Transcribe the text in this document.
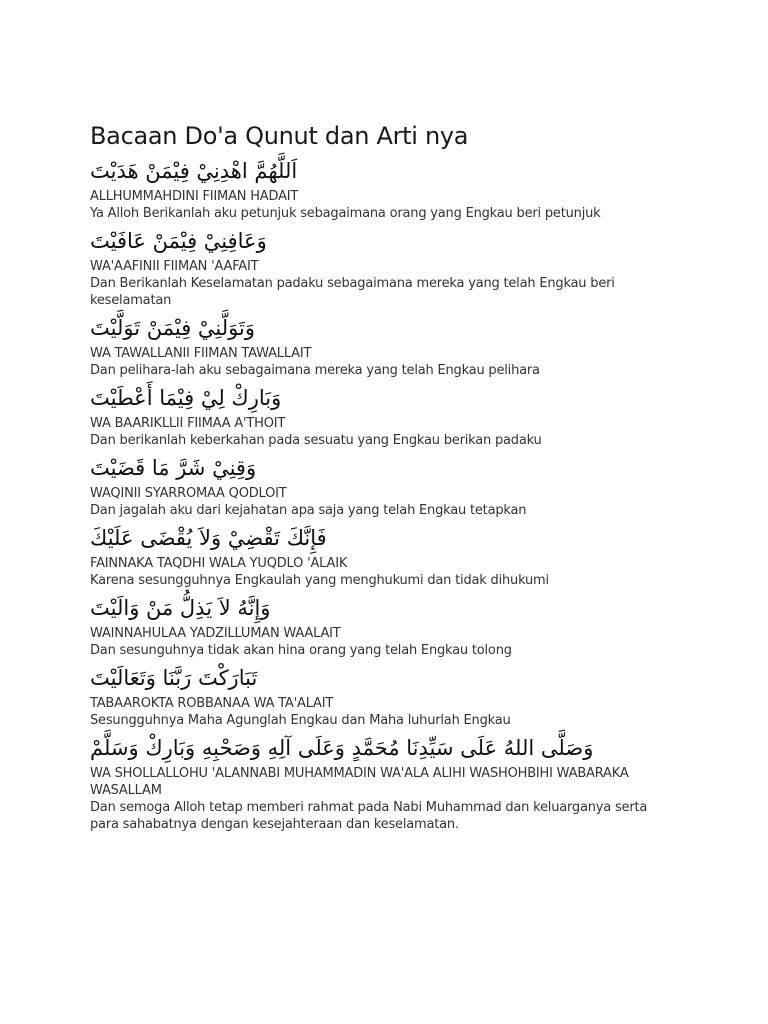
Bacaan Do'a Qunut dan Arti nya

اَللَّهُمَّ اهْدِنِيْ فِيْمَنْ هَدَيْتَ

ALLHUMMAHDINI FIIMAN HADAIT

Ya Alloh Berikanlah aku petunjuk sebagaimana orang yang Engkau beri petunjuk

وَعَافِنِيْ فِيْمَنْ عَافَيْتَ

WA'AAFINII FIIMAN 'AAFAIT

Dan Berikanlah Keselamatan padaku sebagaimana mereka yang telah Engkau beri keselamatan

وَتَوَلَّنِيْ فِيْمَنْ تَوَلَّيْتَ

WA TAWALLANII FIIMAN TAWALLAIT

Dan pelihara-lah aku sebagaimana mereka yang telah Engkau pelihara

وَبَارِكْ لِيْ فِيْمَا أَعْطَيْتَ

WA BAARIKLLII FIIMAA A'THOIT

Dan berikanlah keberkahan pada sesuatu yang Engkau berikan padaku

وَقِنِيْ شَرَّ مَا قَضَيْتَ

WAQINII SYARROMAA QODLOIT

Dan jagalah aku dari kejahatan apa saja yang telah Engkau tetapkan

فَإِنَّكَ تَقْضِيْ وَلاَ يُقْضَى عَلَيْكَ

FAINNAKA TAQDHI WALA YUQDLO 'ALAIK

Karena sesungguhnya Engkaulah yang menghukumi dan tidak dihukumi

وَإِنَّهُ لاَ يَذِلُّ مَنْ وَالَيْتَ

WAINNAHULAA YADZILLUMAN WAALAIT

Dan sesunguhnya tidak akan hina orang yang telah Engkau tolong

تَبَارَكْتَ رَبَّنَا وَتَعَالَيْتَ

TABAAROKTA ROBBANAA WA TA'ALAIT

Sesungguhnya Maha Agunglah Engkau dan Maha luhurlah Engkau

وَصَلَّى اللهُ عَلَى سَيِّدِنَا مُحَمَّدٍ وَعَلَى آلِهِ وَصَحْبِهِ وَبَارِكْ وَسَلَّمْ

WA SHOLLALLOHU 'ALANNABI MUHAMMADIN WA'ALA ALIHI WASHOHBIHI WABARAKA WASALLAM

Dan semoga Alloh tetap memberi rahmat pada Nabi Muhammad dan keluarganya serta para sahabatnya dengan kesejahteraan dan keselamatan.
